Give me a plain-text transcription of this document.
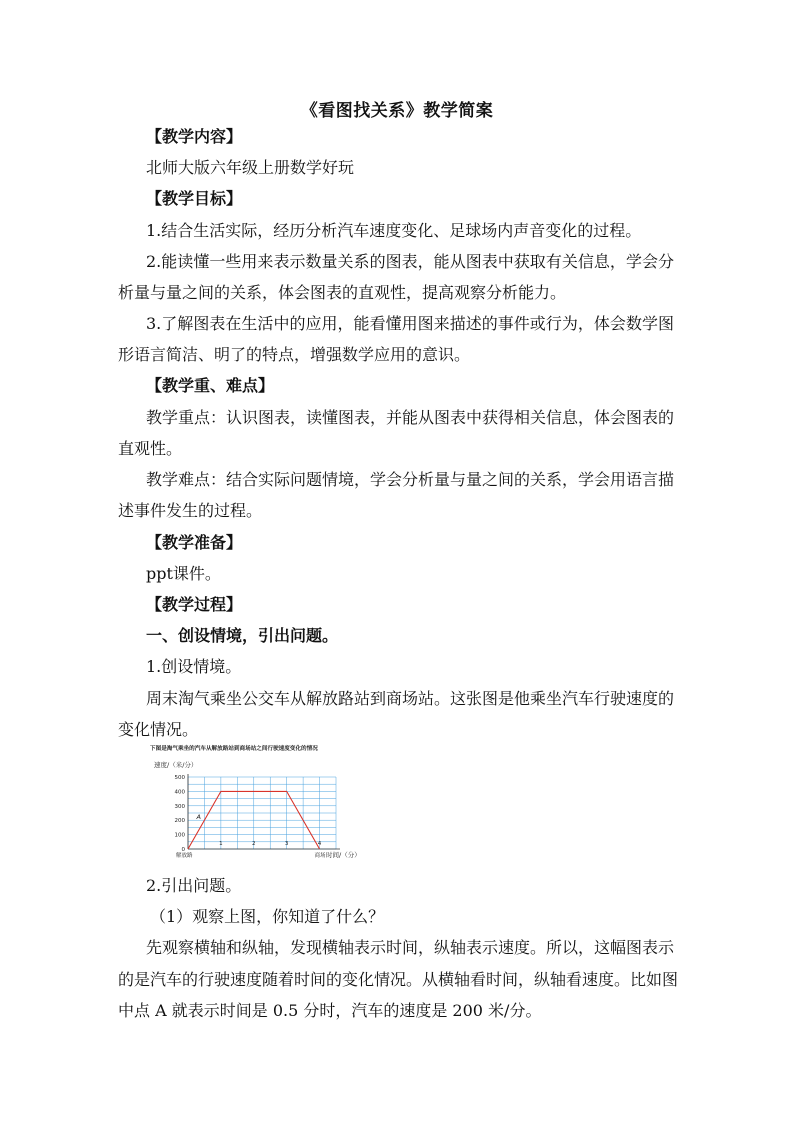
《看图找关系》教学简案
【教学内容】
北师大版六年级上册数学好玩
【教学目标】
1.结合生活实际，经历分析汽车速度变化、足球场内声音变化的过程。
2.能读懂一些用来表示数量关系的图表，能从图表中获取有关信息，学会分
析量与量之间的关系，体会图表的直观性，提高观察分析能力。
3.了解图表在生活中的应用，能看懂用图来描述的事件或行为，体会数学图
形语言简洁、明了的特点，增强数学应用的意识。
【教学重、难点】
教学重点：认识图表，读懂图表，并能从图表中获得相关信息，体会图表的
直观性。
教学难点：结合实际问题情境，学会分析量与量之间的关系，学会用语言描
述事件发生的过程。
【教学准备】
ppt课件。
【教学过程】
一、创设情境，引出问题。
1.创设情境。
周末淘气乘坐公交车从解放路站到商场站。这张图是他乘坐汽车行驶速度的
变化情况。
下图是淘气乘坐的汽车从解放路站到商场站之间行驶速度变化的情况
速度/（米/分）
时间/（分）
0
100
200
300
400
500
1	2	3	4
解放路	商场
A
2.引出问题。
（1）观察上图，你知道了什么？
先观察横轴和纵轴，发现横轴表示时间，纵轴表示速度。所以，这幅图表示
的是汽车的行驶速度随着时间的变化情况。从横轴看时间，纵轴看速度。比如图
中点 A 就表示时间是 0.5 分时，汽车的速度是 200 米/分。
